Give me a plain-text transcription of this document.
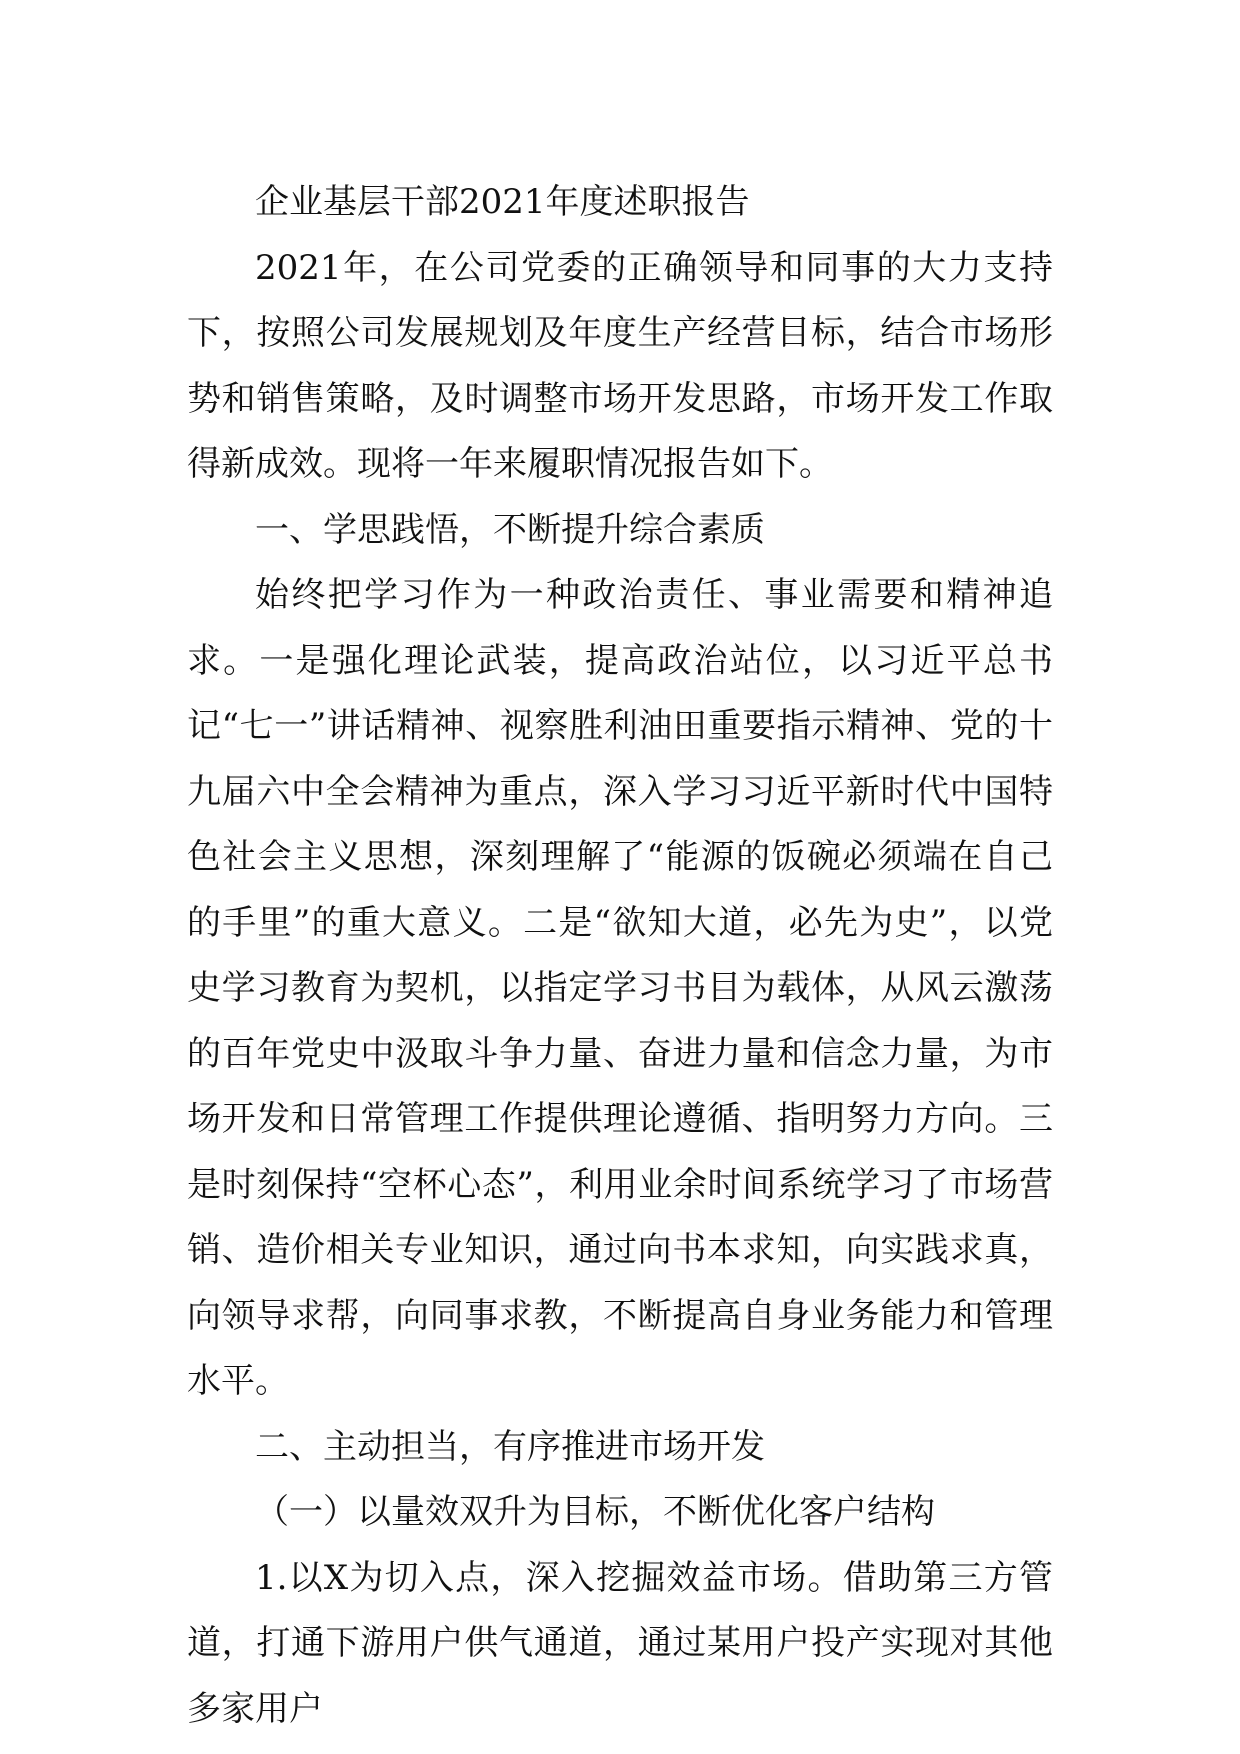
企业基层干部2021年度述职报告

2021年，在公司党委的正确领导和同事的大力支持下，按照公司发展规划及年度生产经营目标，结合市场形势和销售策略，及时调整市场开发思路，市场开发工作取得新成效。现将一年来履职情况报告如下。

一、学思践悟，不断提升综合素质

始终把学习作为一种政治责任、事业需要和精神追求。一是强化理论武装，提高政治站位，以习近平总书记“七一”讲话精神、视察胜利油田重要指示精神、党的十九届六中全会精神为重点，深入学习习近平新时代中国特色社会主义思想，深刻理解了“能源的饭碗必须端在自己的手里”的重大意义。二是“欲知大道，必先为史”，以党史学习教育为契机，以指定学习书目为载体，从风云激荡的百年党史中汲取斗争力量、奋进力量和信念力量，为市场开发和日常管理工作提供理论遵循、指明努力方向。三是时刻保持“空杯心态”，利用业余时间系统学习了市场营销、造价相关专业知识，通过向书本求知，向实践求真，向领导求帮，向同事求教，不断提高自身业务能力和管理水平。

二、主动担当，有序推进市场开发

（一）以量效双升为目标，不断优化客户结构

1.以X为切入点，深入挖掘效益市场。借助第三方管道，打通下游用户供气通道，通过某用户投产实现对其他多家用户
